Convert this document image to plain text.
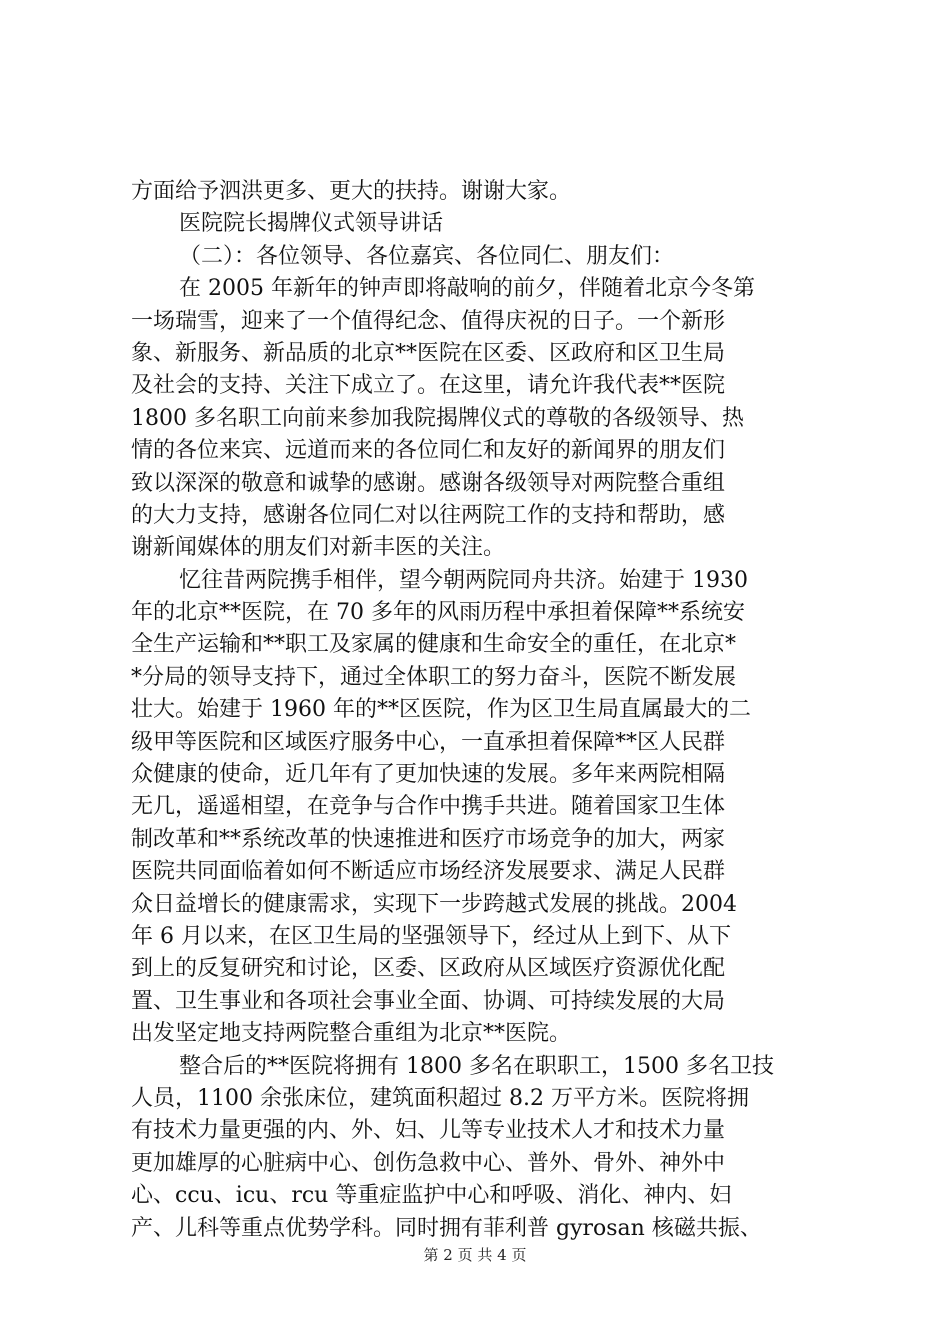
方面给予泗洪更多、更大的扶持。谢谢大家。
医院院长揭牌仪式领导讲话
（二）：各位领导、各位嘉宾、各位同仁、朋友们：
在 2005 年新年的钟声即将敲响的前夕，伴随着北京今冬第
一场瑞雪，迎来了一个值得纪念、值得庆祝的日子。一个新形
象、新服务、新品质的北京**医院在区委、区政府和区卫生局
及社会的支持、关注下成立了。在这里，请允许我代表**医院
1800 多名职工向前来参加我院揭牌仪式的尊敬的各级领导、热
情的各位来宾、远道而来的各位同仁和友好的新闻界的朋友们
致以深深的敬意和诚挚的感谢。感谢各级领导对两院整合重组
的大力支持，感谢各位同仁对以往两院工作的支持和帮助，感
谢新闻媒体的朋友们对新丰医的关注。
忆往昔两院携手相伴，望今朝两院同舟共济。始建于 1930
年的北京**医院，在 70 多年的风雨历程中承担着保障**系统安
全生产运输和**职工及家属的健康和生命安全的重任，在北京*
*分局的领导支持下，通过全体职工的努力奋斗，医院不断发展
壮大。始建于 1960 年的**区医院，作为区卫生局直属最大的二
级甲等医院和区域医疗服务中心，一直承担着保障**区人民群
众健康的使命，近几年有了更加快速的发展。多年来两院相隔
无几，遥遥相望，在竞争与合作中携手共进。随着国家卫生体
制改革和**系统改革的快速推进和医疗市场竞争的加大，两家
医院共同面临着如何不断适应市场经济发展要求、满足人民群
众日益增长的健康需求，实现下一步跨越式发展的挑战。2004
年 6 月以来，在区卫生局的坚强领导下，经过从上到下、从下
到上的反复研究和讨论，区委、区政府从区域医疗资源优化配
置、卫生事业和各项社会事业全面、协调、可持续发展的大局
出发坚定地支持两院整合重组为北京**医院。
整合后的**医院将拥有 1800 多名在职职工，1500 多名卫技
人员，1100 余张床位，建筑面积超过 8.2 万平方米。医院将拥
有技术力量更强的内、外、妇、儿等专业技术人才和技术力量
更加雄厚的心脏病中心、创伤急救中心、普外、骨外、神外中
心、ccu、icu、rcu 等重症监护中心和呼吸、消化、神内、妇
产、儿科等重点优势学科。同时拥有菲利普 gyrosan 核磁共振、
第 2 页 共 4 页
